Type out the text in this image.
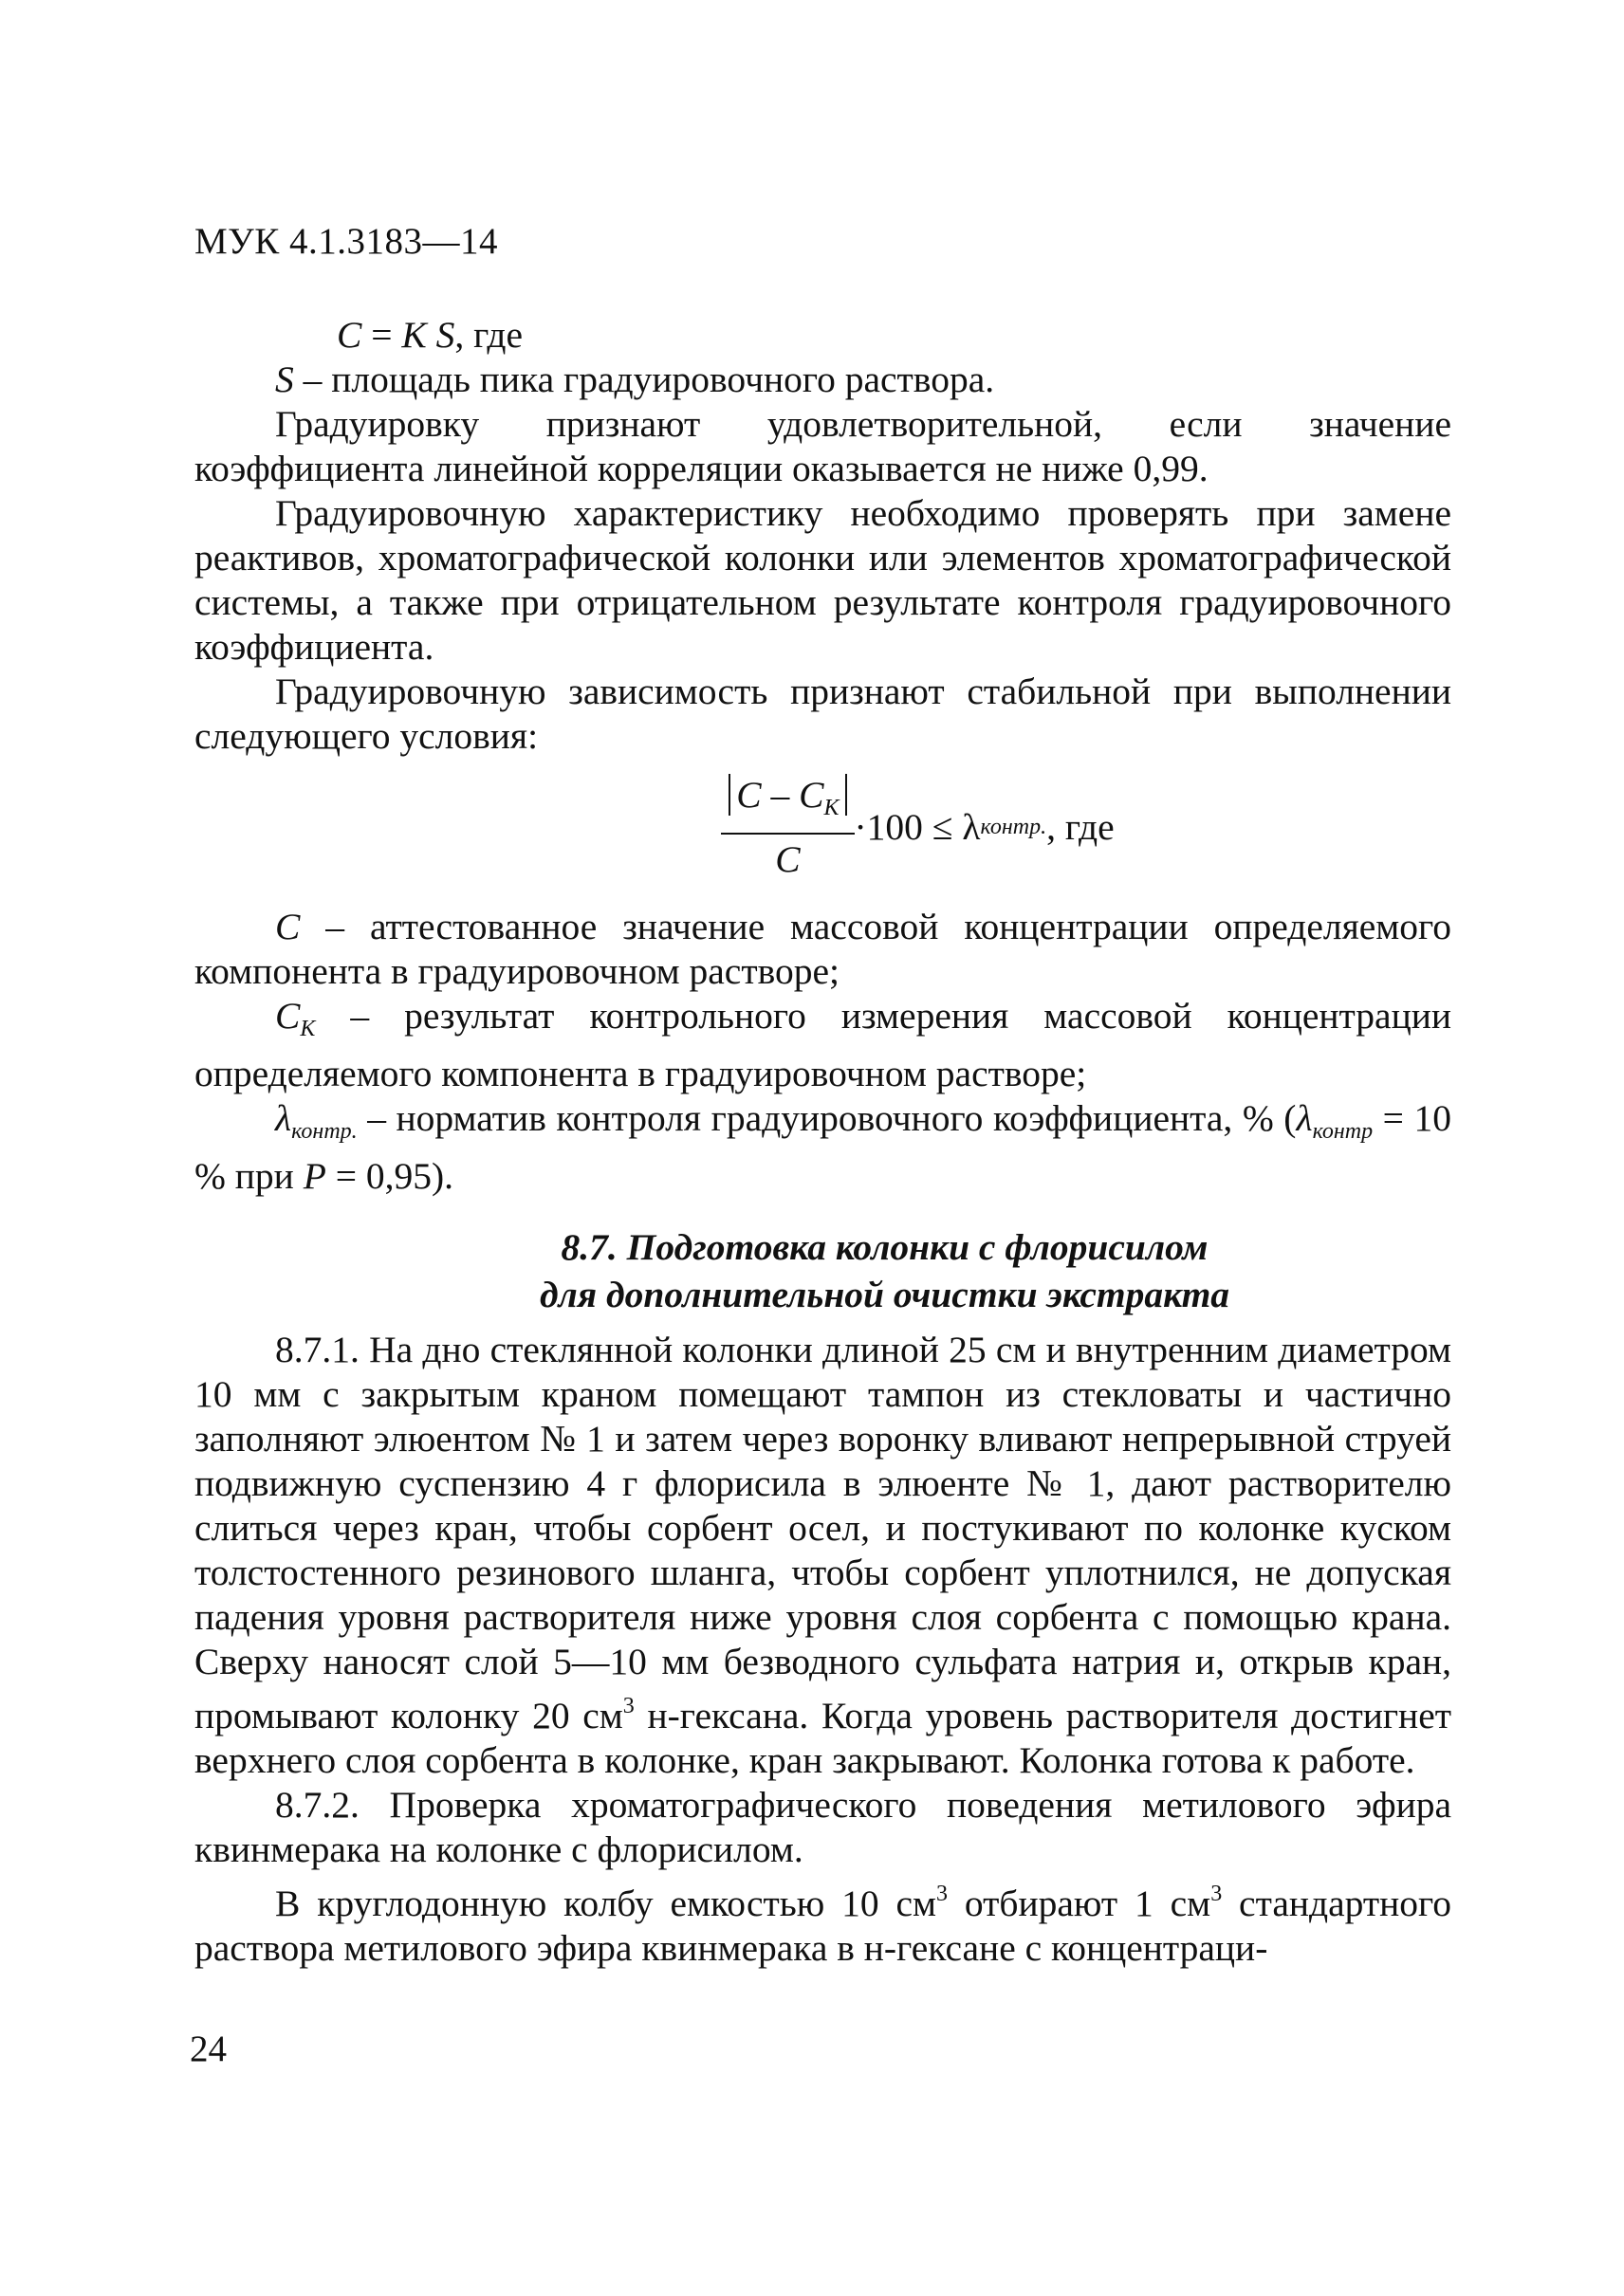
МУК 4.1.3183—14

C = K S, где

S – площадь пика градуировочного раствора.

Градуировку признают удовлетворительной, если значение коэффициента линейной корреляции оказывается не ниже 0,99.

Градуировочную характеристику необходимо проверять при замене реактивов, хроматографической колонки или элементов хроматографической системы, а также при отрицательном результате контроля градуировочного коэффициента.

Градуировочную зависимость признают стабильной при выполнении следующего условия:

$\frac{C - C_K}{C} \cdot 100 \le \lambda$ контр. , где

C – аттестованное значение массовой концентрации определяемого компонента в градуировочном растворе;

$C_K$ – результат контрольного измерения массовой концентрации определяемого компонента в градуировочном растворе;

$\lambda_{контр.}$ – норматив контроля градуировочного коэффициента, % ($\lambda_{контр} = 10$ % при P = 0,95).

8.7. Подготовка колонки с флорисилом
для дополнительной очистки экстракта

8.7.1. На дно стеклянной колонки длиной 25 см и внутренним диаметром 10 мм с закрытым краном помещают тампон из стекловаты и частично заполняют элюентом № 1 и затем через воронку вливают непрерывной струей подвижную суспензию 4 г флорисила в элюенте № 1, дают растворителю слиться через кран, чтобы сорбент осел, и постукивают по колонке куском толстостенного резинового шланга, чтобы сорбент уплотнился, не допуская падения уровня растворителя ниже уровня слоя сорбента с помощью крана. Сверху наносят слой 5—10 мм безводного сульфата натрия и, открыв кран, промывают колонку 20 $см^3$ н-гексана. Когда уровень растворителя достигнет верхнего слоя сорбента в колонке, кран закрывают. Колонка готова к работе.

8.7.2. Проверка хроматографического поведения метилового эфира квинмерака на колонке с флорисилом.

В круглодонную колбу емкостью 10 $см^3$ отбирают 1 $см^3$ стандартного раствора метилового эфира квинмерака в н-гексане с концентраци-

24
